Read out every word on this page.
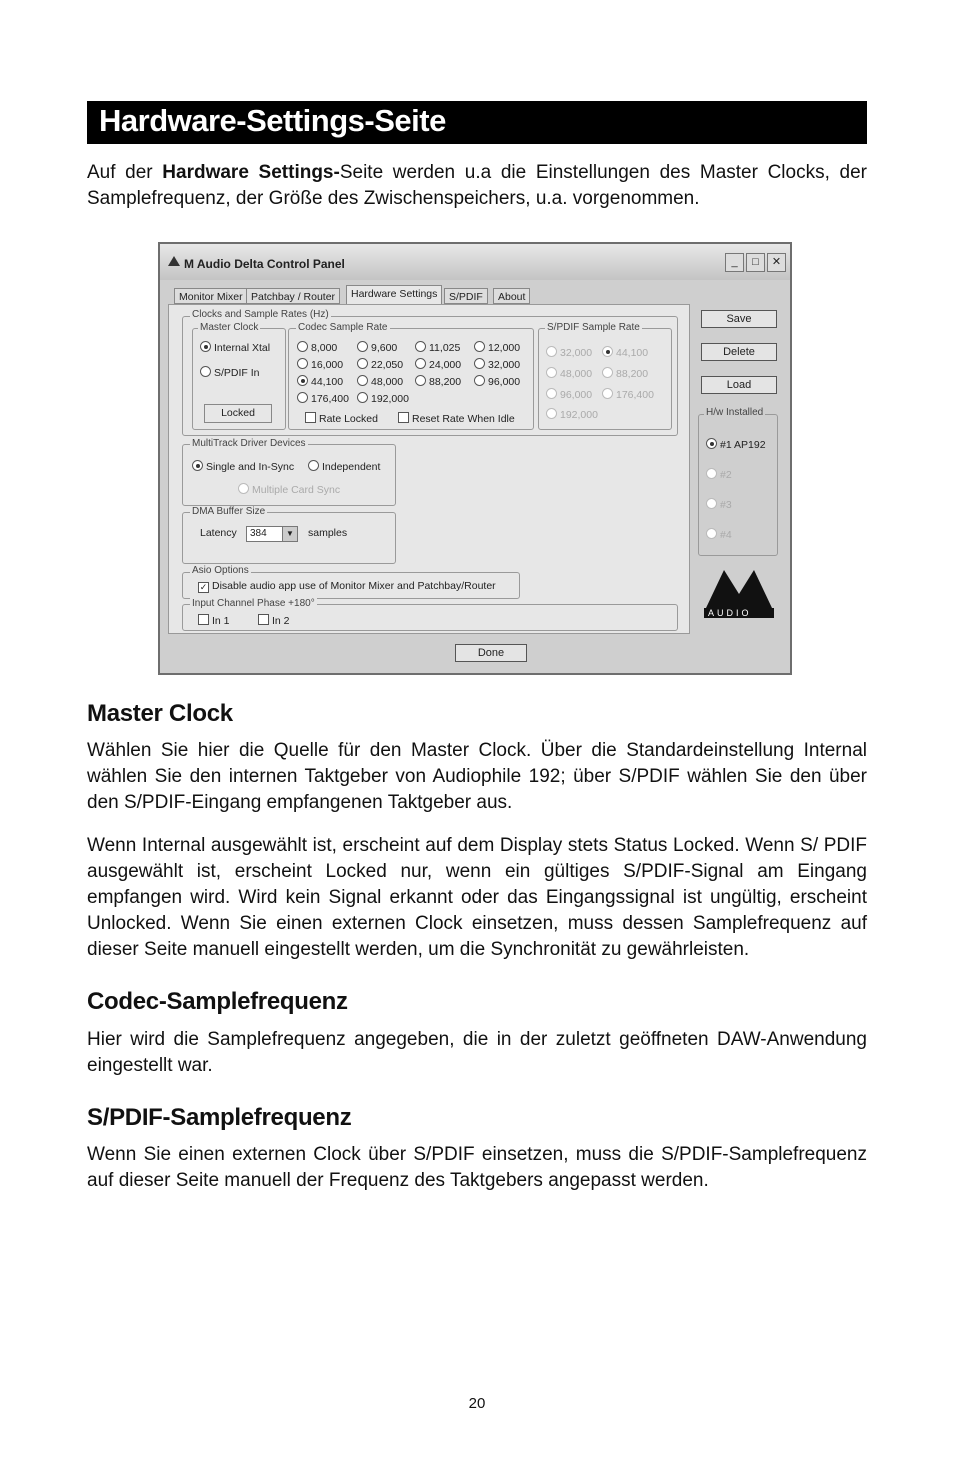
Hardware-Settings-Seite

Auf der Hardware Settings-Seite werden u.a die Einstellungen des Master Clocks, der Samplefrequenz, der Größe des Zwischenspeichers, u.a. vorgenommen.

M Audio Delta Control Panel	_	□	✕
Monitor Mixer Patchbay / Router	Hardware Settings	S/PDIF	About
Clocks and Sample Rates (Hz)
Master Clock
Internal Xtal
S/PDIF In
Locked
Codec Sample Rate
8,000	9,600	11,025	12,000
16,000	22,050	24,000	32,000
44,100	48,000	88,200	96,000
176,400	192,000
Rate Locked	Reset Rate When Idle
S/PDIF Sample Rate
32,000	44,100
48,000	88,200
96,000	176,400
192,000
MultiTrack Driver Devices
Single and In-Sync	Independent
Multiple Card Sync
DMA Buffer Size
Latency	384	▼ samples
Asio Options
✓ Disable audio app use of Monitor Mixer and Patchbay/Router
Input Channel Phase +180°
In 1	In 2
Save
Delete
Load
H/w Installed
#1 AP192
#2
#3
#4
AUDIO
Done
Master Clock

Wählen Sie hier die Quelle für den Master Clock. Über die Standardeinstellung Internal wählen Sie den internen Taktgeber von Audiophile 192; über S/PDIF wählen Sie den über den S/PDIF-Eingang empfangenen Taktgeber aus.

Wenn Internal ausgewählt ist, erscheint auf dem Display stets Status Locked. Wenn S/ PDIF ausgewählt ist, erscheint Locked nur, wenn ein gültiges S/PDIF-Signal am Eingang empfangen wird. Wird kein Signal erkannt oder das Eingangssignal ist ungültig, erscheint Unlocked. Wenn Sie einen externen Clock einsetzen, muss dessen Samplefrequenz auf dieser Seite manuell eingestellt werden, um die Synchronität zu gewährleisten.

Codec-Samplefrequenz

Hier wird die Samplefrequenz angegeben, die in der zuletzt geöffneten DAW-Anwendung eingestellt war.

S/PDIF-Samplefrequenz

Wenn Sie einen externen Clock über S/PDIF einsetzen, muss die S/PDIF-Samplefrequenz auf dieser Seite manuell der Frequenz des Taktgebers angepasst werden.

20
